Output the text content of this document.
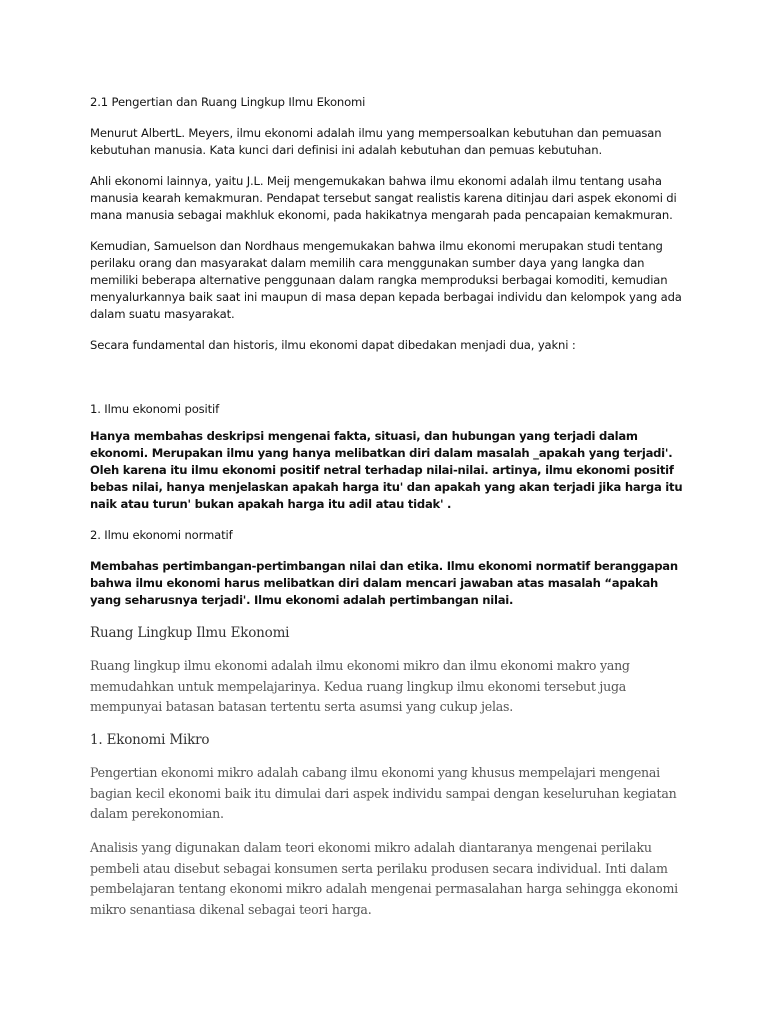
2.1 Pengertian dan Ruang Lingkup Ilmu Ekonomi

Menurut AlbertL. Meyers, ilmu ekonomi adalah ilmu yang mempersoalkan kebutuhan dan pemuasan kebutuhan manusia. Kata kunci dari definisi ini adalah kebutuhan dan pemuas kebutuhan.

Ahli ekonomi lainnya, yaitu J.L. Meij mengemukakan bahwa ilmu ekonomi adalah ilmu tentang usaha manusia kearah kemakmuran. Pendapat tersebut sangat realistis karena ditinjau dari aspek ekonomi di mana manusia sebagai makhluk ekonomi, pada hakikatnya mengarah pada pencapaian kemakmuran.

Kemudian, Samuelson dan Nordhaus mengemukakan bahwa ilmu ekonomi merupakan studi tentang perilaku orang dan masyarakat dalam memilih cara menggunakan sumber daya yang langka dan memiliki beberapa alternative penggunaan dalam rangka memproduksi berbagai komoditi, kemudian menyalurkannya baik saat ini maupun di masa depan kepada berbagai individu dan kelompok yang ada dalam suatu masyarakat.

Secara fundamental dan historis, ilmu ekonomi dapat dibedakan menjadi dua, yakni :

1. Ilmu ekonomi positif

Hanya membahas deskripsi mengenai fakta, situasi, dan hubungan yang terjadi dalam ekonomi. Merupakan ilmu yang hanya melibatkan diri dalam masalah _apakah yang terjadi'. Oleh karena itu ilmu ekonomi positif netral terhadap nilai-nilai. artinya, ilmu ekonomi positif bebas nilai, hanya menjelaskan apakah harga itu' dan apakah yang akan terjadi jika harga itu naik atau turun' bukan apakah harga itu adil atau tidak' .

2. Ilmu ekonomi normatif

Membahas pertimbangan-pertimbangan nilai dan etika. Ilmu ekonomi normatif beranggapan bahwa ilmu ekonomi harus melibatkan diri dalam mencari jawaban atas masalah “apakah yang seharusnya terjadi'. Ilmu ekonomi adalah pertimbangan nilai.

Ruang Lingkup Ilmu Ekonomi

Ruang lingkup ilmu ekonomi adalah ilmu ekonomi mikro dan ilmu ekonomi makro yang memudahkan untuk mempelajarinya. Kedua ruang lingkup ilmu ekonomi tersebut juga mempunyai batasan batasan tertentu serta asumsi yang cukup jelas.

1. Ekonomi Mikro

Pengertian ekonomi mikro adalah cabang ilmu ekonomi yang khusus mempelajari mengenai bagian kecil ekonomi baik itu dimulai dari aspek individu sampai dengan keseluruhan kegiatan dalam perekonomian.

Analisis yang digunakan dalam teori ekonomi mikro adalah diantaranya mengenai perilaku pembeli atau disebut sebagai konsumen serta perilaku produsen secara individual. Inti dalam pembelajaran tentang ekonomi mikro adalah mengenai permasalahan harga sehingga ekonomi mikro senantiasa dikenal sebagai teori harga.
